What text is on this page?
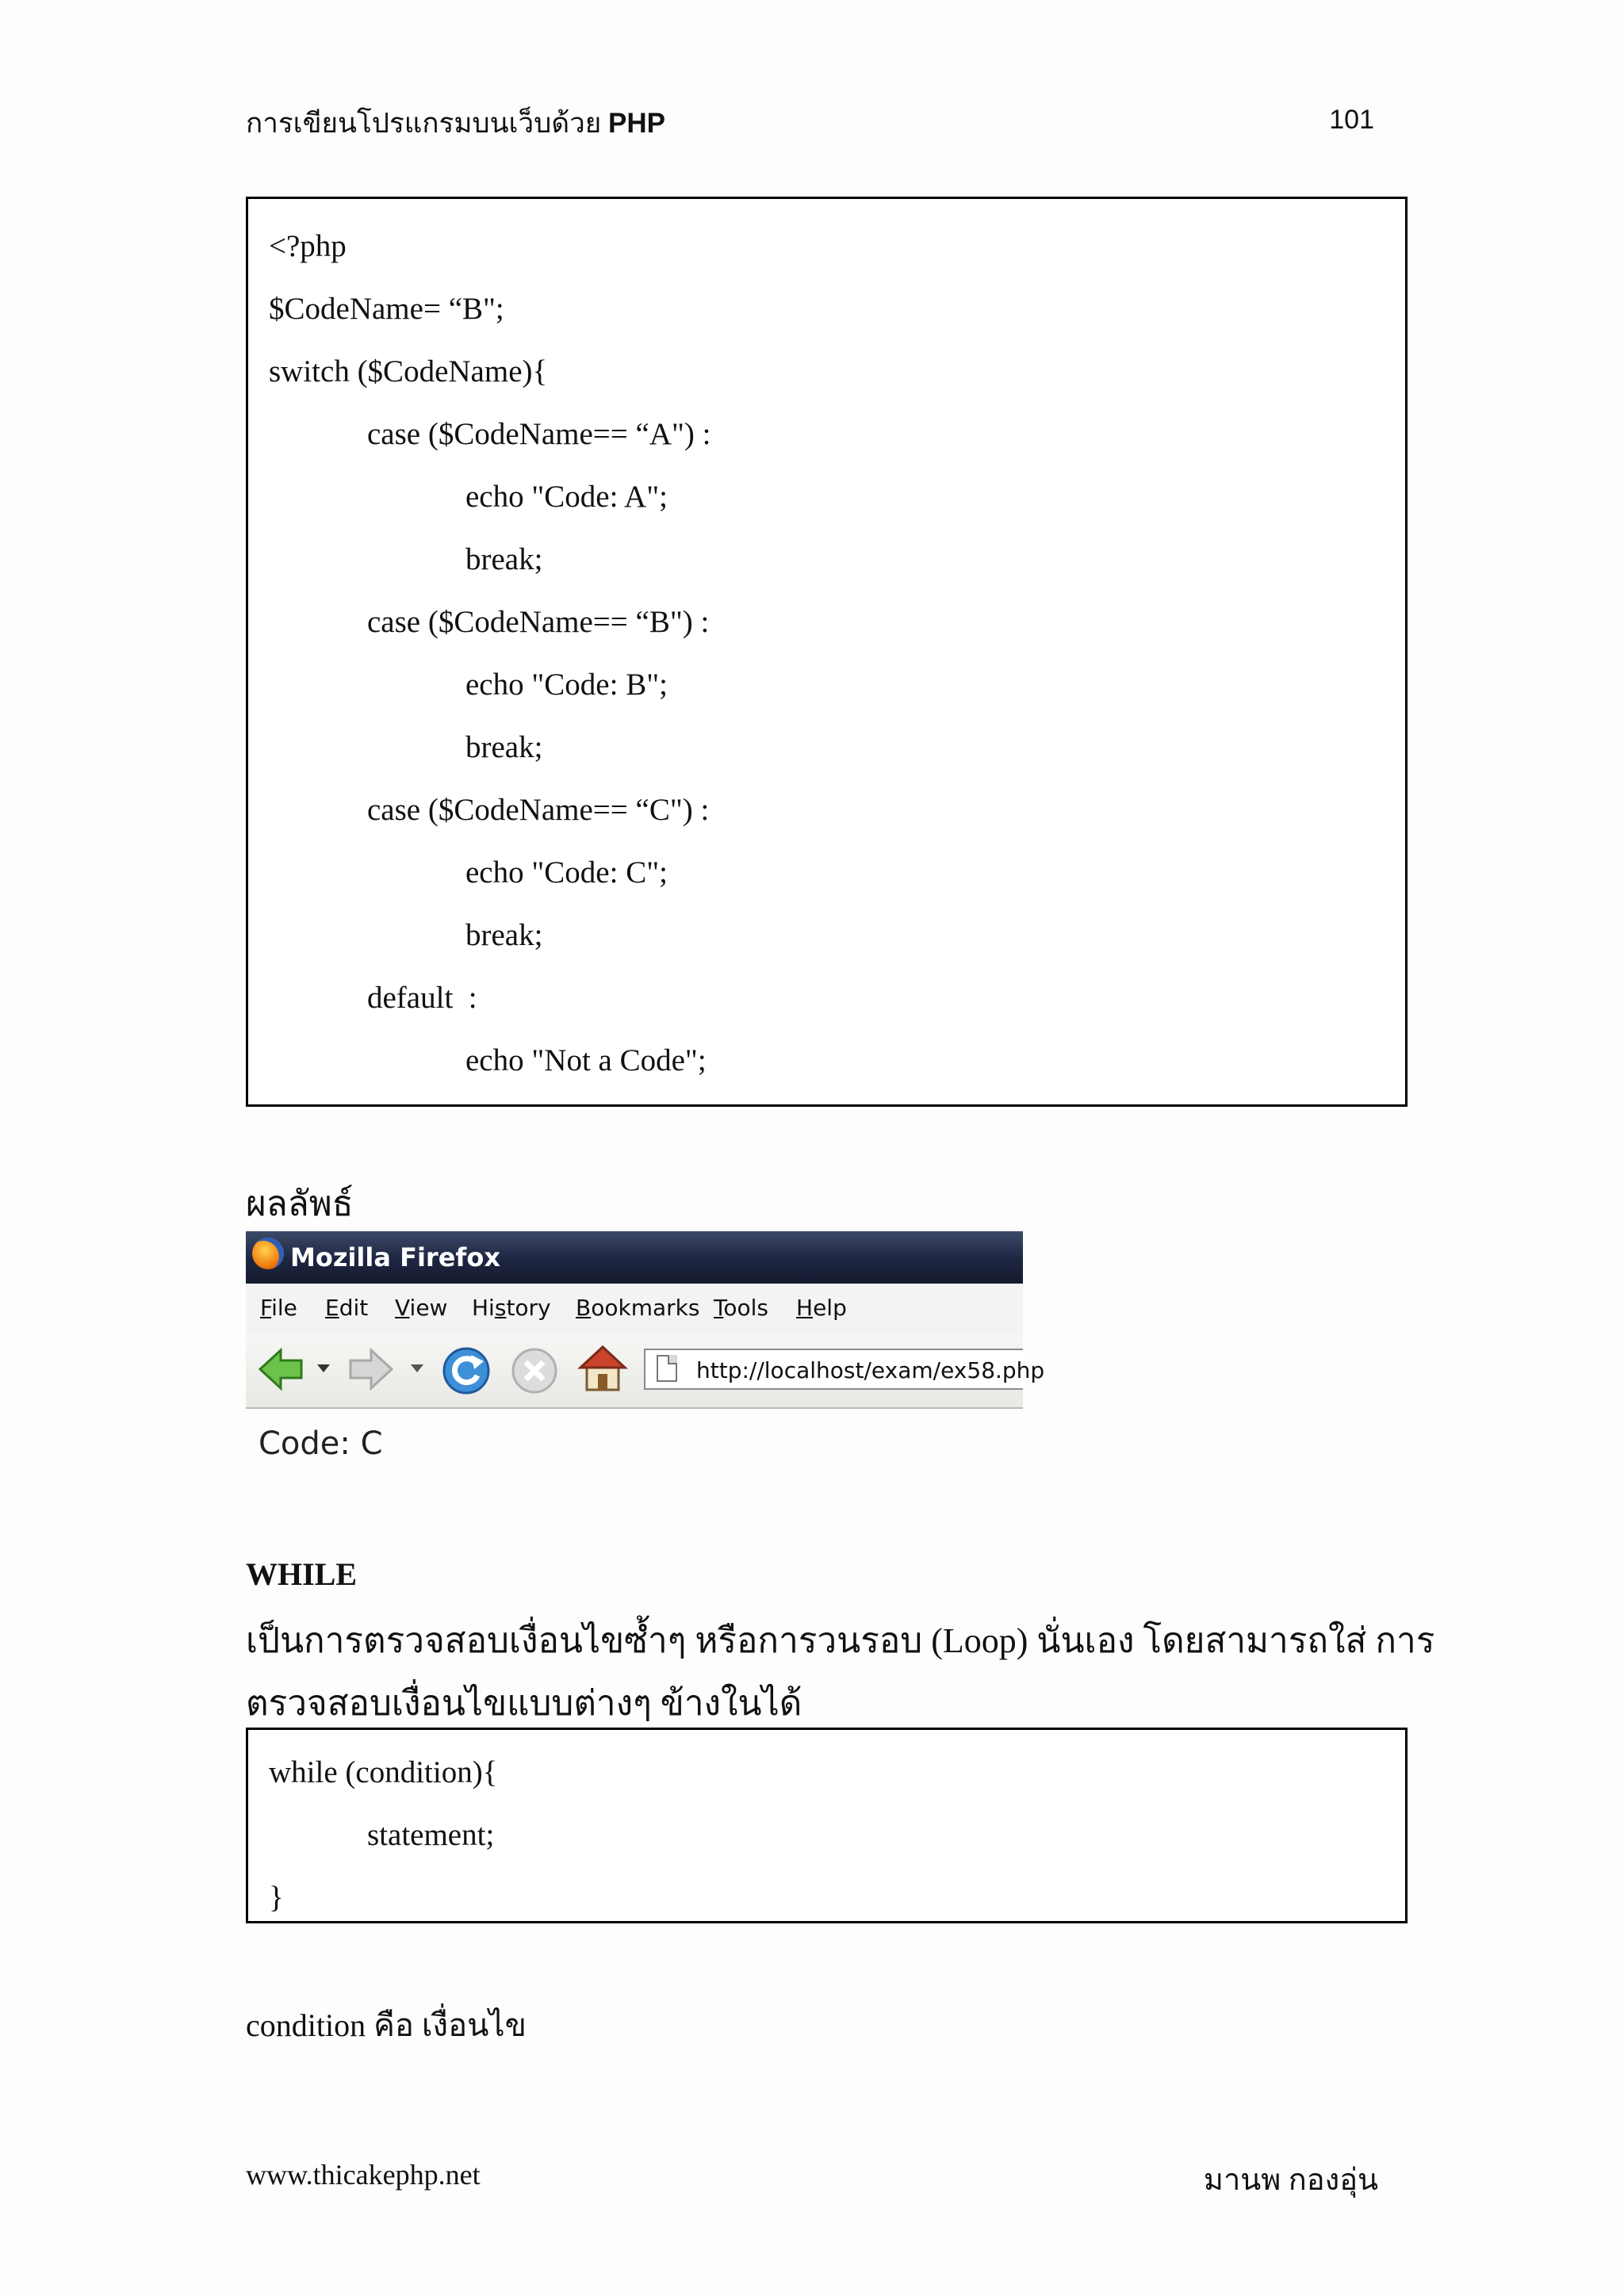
การเขียนโปรแกรมบนเว็บด้วย PHP	101
<?php
$CodeName= “B";
switch ($CodeName){
case ($CodeName== “A") :
echo "Code: A";
break;
case ($CodeName== “B") :
echo "Code: B";
break;
case ($CodeName== “C") :
echo "Code: C";
break;
default  :
echo "Not a Code";
ผลลัพธ์
Mozilla Firefox
File Edit View History Bookmarks Tools Help
http://localhost/exam/ex58.php
Code: C
WHILE
เป็นการตรวจสอบเงื่อนไขซ้ำๆ หรือการวนรอบ (Loop) นั่นเอง โดยสามารถใส่ การ
ตรวจสอบเงื่อนไขแบบต่างๆ ข้างในได้
while (condition){
statement;
}
condition คือ เงื่อนไข
www.thicakephp.net	มานพ กองอุ่น
